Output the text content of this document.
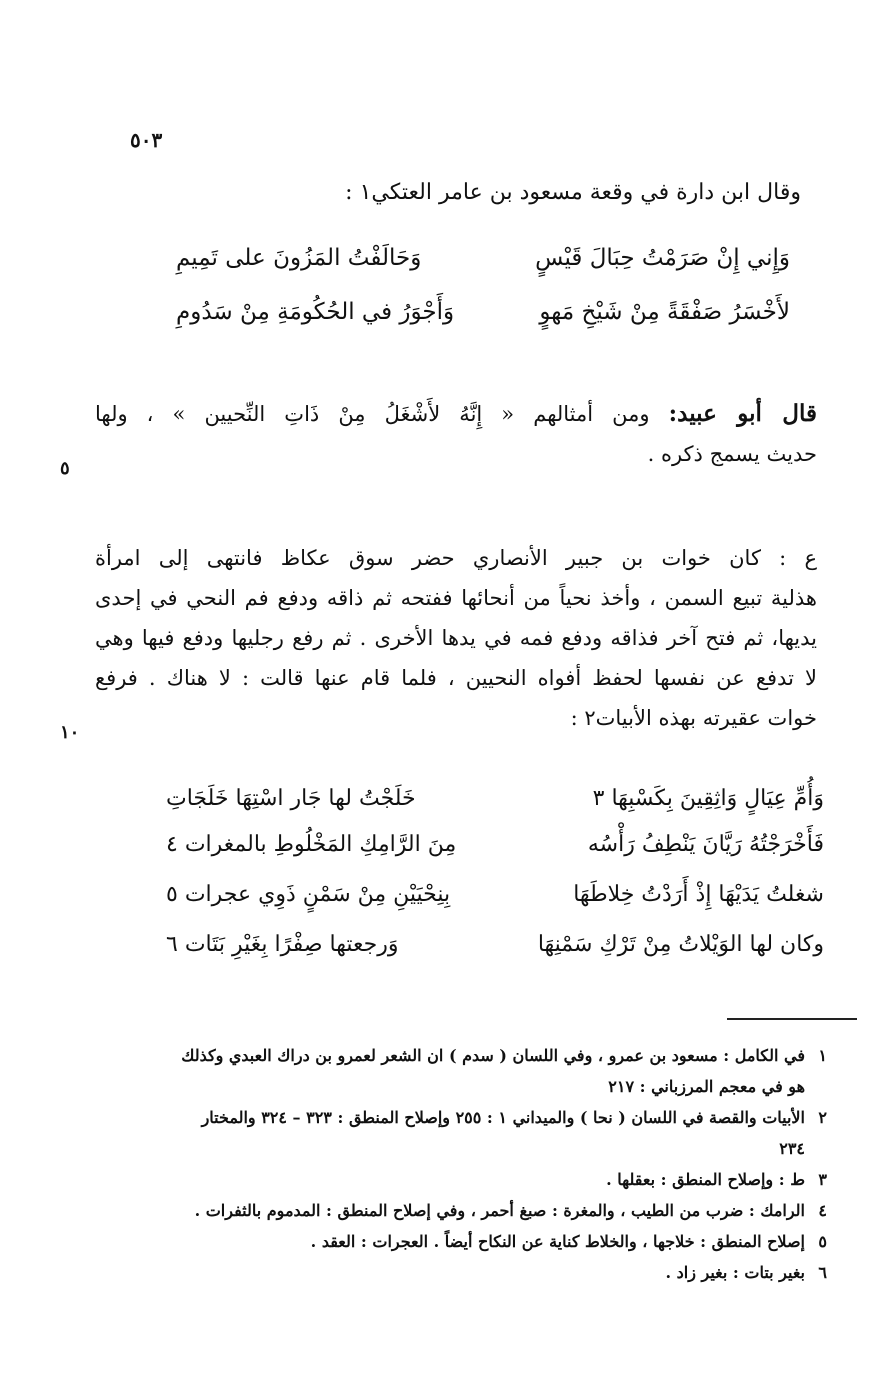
٥٠٣
٥
١٠
وقال ابن دارة في وقعة مسعود بن عامر العتكي١ :
وَإِني إِنْ صَرَمْتُ حِبَالَ قَيْسٍ
وَحَالَفْتُ المَزُونَ على تَمِيمِ
لأَخْسَرُ صَفْقَةً مِنْ شَيْخِ مَهوٍ
وَأَجْوَرُ في الحُكُومَةِ مِنْ سَدُومِ
قال أبو عبيد: ومن أمثالهم « إِنَّهُ لأَشْغَلُ مِنْ ذَاتِ النِّحيين » ، ولها
حديث يسمج ذكره .
ع : كان خوات بن جبير الأنصاري حضر سوق عكاظ فانتهى إلى امرأة
هذلية تبيع السمن ، وأخذ نحياً من أنحائها ففتحه ثم ذاقه ودفع فم النحي في إحدى
يديها، ثم فتح آخر فذاقه ودفع فمه في يدها الأخرى . ثم رفع رجليها ودفع فيها وهي
لا تدفع عن نفسها لحفظ أفواه النحيين ، فلما قام عنها قالت : لا هناك . فرفع
خوات عقيرته بهذه الأبيات٢ :
وَأُمِّ عِيَالٍ وَاثِقِينَ بِكَسْبِهَا ٣
خَلَجْتُ لها جَار اسْتِهَا خَلَجَاتِ
فَأَخْرَجْتُهُ رَيَّانَ يَنْطِفُ رَأْسُه
مِنَ الرَّامِكِ المَخْلُوطِ بالمغرات ٤
شغلتُ يَدَيْهَا إِذْ أَرَدْتُ خِلاطَهَا
بِنِحْيَيْنِ مِنْ سَمْنٍ ذَوِي عجرات ٥
وكان لها الوَيْلاتُ مِنْ تَرْكِ سَمْنِهَا
وَرجعتها صِفْرًا بِغَيْرِ بَتَات ٦
١
في الكامل : مسعود بن عمرو ، وفي اللسان ( سدم ) ان الشعر لعمرو بن دراك العبدي وكذلك
هو في معجم المرزباني : ٢١٧
٢
الأبيات والقصة في اللسان ( نحا ) والميداني ١ : ٢٥٥ وإصلاح المنطق : ٣٢٣ – ٣٢٤ والمختار
٢٣٤
٣
ط : وإصلاح المنطق : بعقلها .
٤
الرامك : ضرب من الطيب ، والمغرة : صبغ أحمر ، وفي إصلاح المنطق : المدموم بالثفرات .
٥
إصلاح المنطق : خلاجها ، والخلاط كناية عن النكاح أيضاً . العجرات : العقد .
٦
بغير بتات : بغير زاد .
